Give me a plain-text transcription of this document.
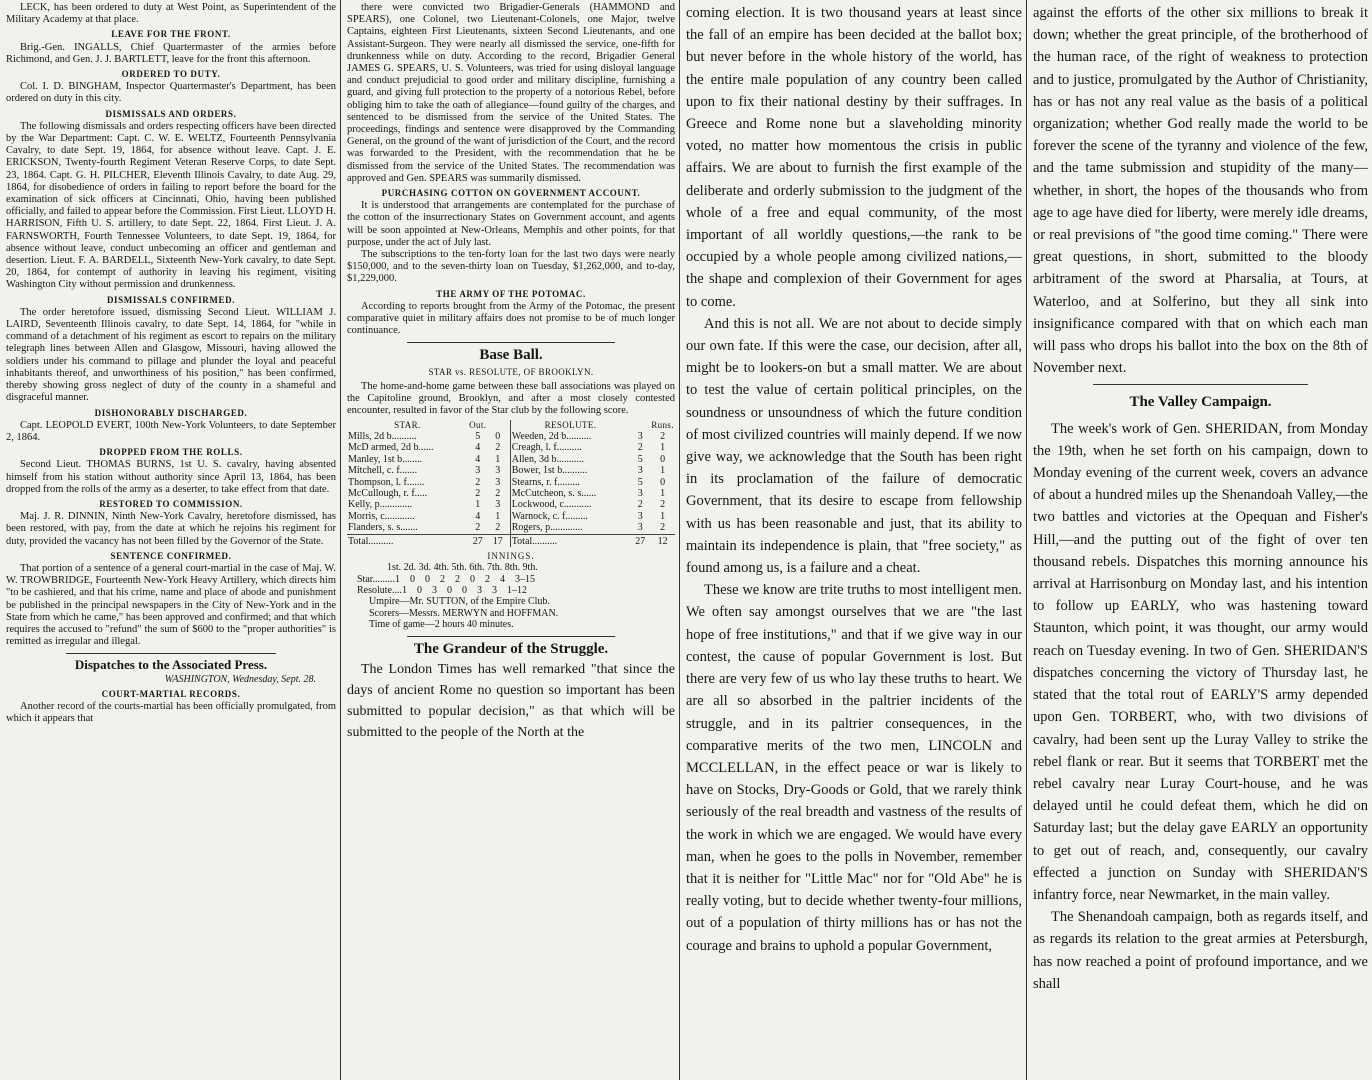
LECK, has been ordered to duty at West Point, as Superintendent of the Military Academy at that place.

LEAVE FOR THE FRONT.

Brig.-Gen. INGALLS, Chief Quartermaster of the armies before Richmond, and Gen. J. J. BARTLETT, leave for the front this afternoon.

ORDERED TO DUTY.

Col. I. D. BINGHAM, Inspector Quartermaster's Department, has been ordered on duty in this city.

DISMISSALS AND ORDERS.

The following dismissals and orders respecting officers have been directed by the War Department: Capt. C. W. E. WELTZ, Fourteenth Pennsylvania Cavalry, to date Sept. 19, 1864, for absence without leave. Capt. J. E. ERICKSON, Twenty-fourth Regiment Veteran Reserve Corps, to date Sept. 23, 1864. Capt. G. H. PILCHER, Eleventh Illinois Cavalry, to date Aug. 29, 1864, for disobedience of orders in failing to report before the board for the examination of sick officers at Cincinnati, Ohio, having been published officially, and failed to appear before the Commission. First Lieut. LLOYD H. HARRISON, Fifth U. S. artillery, to date Sept. 22, 1864. First Lieut. J. A. FARNSWORTH, Fourth Tennessee Volunteers, to date Sept. 19, 1864, for absence without leave, conduct unbecoming an officer and gentleman and desertion. Lieut. F. A. BARDELL, Sixteenth New-York cavalry, to date Sept. 20, 1864, for contempt of authority in leaving his regiment, visiting Washington City without permission and drunkenness.

DISMISSALS CONFIRMED.

The order heretofore issued, dismissing Second Lieut. WILLIAM J. LAIRD, Seventeenth Illinois cavalry, to date Sept. 14, 1864, for "while in command of a detachment of his regiment as escort to repairs on the military telegraph lines between Allen and Glasgow, Missouri, having allowed the soldiers under his command to pillage and plunder the loyal and peaceful inhabitants thereof, and unworthiness of his position," has been confirmed, thereby showing gross neglect of duty of the county in a shameful and disgraceful manner.

DISHONORABLY DISCHARGED.

Capt. LEOPOLD EVERT, 100th New-York Volunteers, to date September 2, 1864.

DROPPED FROM THE ROLLS.

Second Lieut. THOMAS BURNS, 1st U. S. cavalry, having absented himself from his station without authority since April 13, 1864, has been dropped from the rolls of the army as a deserter, to take effect from that date.

RESTORED TO COMMISSION.

Maj. J. R. DINNIN, Ninth New-York Cavalry, heretofore dismissed, has been restored, with pay, from the date at which he rejoins his regiment for duty, provided the vacancy has not been filled by the Governor of the State.

SENTENCE CONFIRMED.

That portion of a sentence of a general court-martial in the case of Maj. W. W. TROWBRIDGE, Fourteenth New-York Heavy Artillery, which directs him "to be cashiered, and that his crime, name and place of abode and punishment be published in the principal newspapers in the City of New-York and in the State from which he came," has been approved and confirmed; and that which requires the accused to "refund" the sum of $600 to the "proper authorities" is remitted as irregular and illegal.

Dispatches to the Associated Press.
WASHINGTON, Wednesday, Sept. 28.
COURT-MARTIAL RECORDS.

Another record of the courts-martial has been officially promulgated, from which it appears that

there were convicted two Brigadier-Generals (HAMMOND and SPEARS), one Colonel, two Lieutenant-Colonels, one Major, twelve Captains, eighteen First Lieutenants, sixteen Second Lieutenants, and one Assistant-Surgeon. They were nearly all dismissed the service, one-fifth for drunkenness while on duty. According to the record, Brigadier General JAMES G. SPEARS, U. S. Volunteers, was tried for using disloyal language and conduct prejudicial to good order and military discipline, furnishing a guard, and giving full protection to the property of a notorious Rebel, before obliging him to take the oath of allegiance—found guilty of the charges, and sentenced to be dismissed from the service of the United States. The proceedings, findings and sentence were disapproved by the Commanding General, on the ground of the want of jurisdiction of the Court, and the record was forwarded to the President, with the recommendation that he be dismissed from the service of the United States. The recommendation was approved and Gen. SPEARS was summarily dismissed.

PURCHASING COTTON ON GOVERNMENT ACCOUNT.

It is understood that arrangements are contemplated for the purchase of the cotton of the insurrectionary States on Government account, and agents will be soon appointed at New-Orleans, Memphis and other points, for that purpose, under the act of July last.

The subscriptions to the ten-forty loan for the last two days were nearly $150,000, and to the seven-thirty loan on Tuesday, $1,262,000, and to-day, $1,229,000.

THE ARMY OF THE POTOMAC.

According to reports brought from the Army of the Potomac, the present comparative quiet in military affairs does not promise to be of much longer continuance.

Base Ball.
STAR vs. RESOLUTE, OF BROOKLYN.

The home-and-home game between these ball associations was played on the Capitoline ground, Brooklyn, and after a most closely contested encounter, resulted in favor of the Star club by the following score.

STAR.	Out.		RESOLUTE.		Runs.
Mills, 2d b..........	5	0	Weeden, 2d b..........	3	2
McD armed, 2d b......	4	2	Creagh, l. f..........	2	1
Manley, 1st b........	4	1	Allen, 3d b...........	5	0
Mitchell, c. f.......	3	3	Bower, 1st b..........	3	1
Thompson, l. f.......	2	3	Stearns, r. f.........	5	0
McCullough, r. f.....	2	2	McCutcheon, s. s......	3	1
Kelly, p.............	1	3	Lockwood, c...........	2	2
Morris, c............	4	1	Warnock, c. f.........	3	1
Flanders, s. s.......	2	2	Rogers, p.............	3	2
Total..........	27	17	Total..........	27	12
INNINGS.
1st. 2d. 3d. 4th. 5th. 6th. 7th. 8th. 9th.
Star.........1    0    0    2    2    0    2    4    3–15
Resolute....1    0    3    0    0    3    3    1–12
Umpire—Mr. SUTTON, of the Empire Club.
Scorers—Messrs. MERWYN and HOFFMAN.
Time of game—2 hours 40 minutes.
The Grandeur of the Struggle.

The London Times has well remarked "that since the days of ancient Rome no question so important has been submitted to popular decision," as that which will be submitted to the people of the North at the

coming election. It is two thousand years at least since the fall of an empire has been decided at the ballot box; but never before in the whole history of the world, has the entire male population of any country been called upon to fix their national destiny by their suffrages. In Greece and Rome none but a slaveholding minority voted, no matter how momentous the crisis in public affairs. We are about to furnish the first example of the deliberate and orderly submission to the judgment of the whole of a free and equal community, of the most important of all worldly questions,—the rank to be occupied by a whole people among civilized nations,—the shape and complexion of their Government for ages to come.

And this is not all. We are not about to decide simply our own fate. If this were the case, our decision, after all, might be to lookers-on but a small matter. We are about to test the value of certain political principles, on the soundness or unsoundness of which the future condition of most civilized countries will mainly depend. If we now give way, we acknowledge that the South has been right in its proclamation of the failure of democratic Government, that its desire to escape from fellowship with us has been reasonable and just, that its ability to maintain its independence is plain, that "free society," as found among us, is a failure and a cheat.

These we know are trite truths to most intelligent men. We often say amongst ourselves that we are "the last hope of free institutions," and that if we give way in our contest, the cause of popular Government is lost. But there are very few of us who lay these truths to heart. We are all so absorbed in the paltrier incidents of the struggle, and in its paltrier consequences, in the comparative merits of the two men, LINCOLN and MCCLELLAN, in the effect peace or war is likely to have on Stocks, Dry-Goods or Gold, that we rarely think seriously of the real breadth and vastness of the results of the work in which we are engaged. We would have every man, when he goes to the polls in November, remember that it is neither for "Little Mac" nor for "Old Abe" he is really voting, but to decide whether twenty-four millions, out of a population of thirty millions has or has not the courage and brains to uphold a popular Government,

against the efforts of the other six millions to break it down; whether the great principle, of the brotherhood of the human race, of the right of weakness to protection and to justice, promulgated by the Author of Christianity, has or has not any real value as the basis of a political organization; whether God really made the world to be forever the scene of the tyranny and violence of the few, and the tame submission and stupidity of the many—whether, in short, the hopes of the thousands who from age to age have died for liberty, were merely idle dreams, or real previsions of "the good time coming." There were great questions, in short, submitted to the bloody arbitrament of the sword at Pharsalia, at Tours, at Waterloo, and at Solferino, but they all sink into insignificance compared with that on which each man will pass who drops his ballot into the box on the 8th of November next.

The Valley Campaign.

The week's work of Gen. SHERIDAN, from Monday the 19th, when he set forth on his campaign, down to Monday evening of the current week, covers an advance of about a hundred miles up the Shenandoah Valley,—the two battles and victories at the Opequan and Fisher's Hill,—and the putting out of the fight of over ten thousand rebels. Dispatches this morning announce his arrival at Harrisonburg on Monday last, and his intention to follow up EARLY, who was hastening toward Staunton, which point, it was thought, our army would reach on Tuesday evening. In two of Gen. SHERIDAN'S dispatches concerning the victory of Thursday last, he stated that the total rout of EARLY'S army depended upon Gen. TORBERT, who, with two divisions of cavalry, had been sent up the Luray Valley to strike the rebel flank or rear. But it seems that TORBERT met the rebel cavalry near Luray Court-house, and he was delayed until he could defeat them, which he did on Saturday last; but the delay gave EARLY an opportunity to get out of reach, and, consequently, our cavalry effected a junction on Sunday with SHERIDAN'S infantry force, near Newmarket, in the main valley.

The Shenandoah campaign, both as regards itself, and as regards its relation to the great armies at Petersburgh, has now reached a point of profound importance, and we shall
